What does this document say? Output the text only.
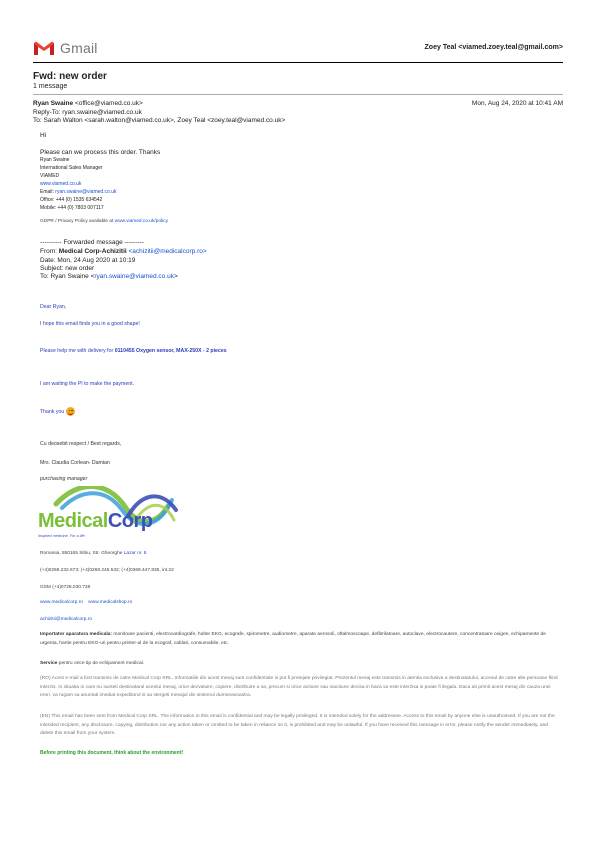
Gmail	Zoey Teal <viamed.zoey.teal@gmail.com>
Fwd: new order
1 message
Ryan Swaine <office@viamed.co.uk>	Mon, Aug 24, 2020 at 10:41 AM
Reply-To: ryan.swaine@viamed.co.uk
To: Sarah Walton <sarah.walton@viamed.co.uk>, Zoey Teal <zoey.teal@viamed.co.uk>
Hi
Please can we process this order. Thanks
Ryan Swaine
International Sales Manager
VIAMED
www.viamed.co.uk
Email: ryan.swaine@viamed.co.uk
Office: +44 (0) 1535 634542
Mobile: +44 (0) 7803 007117
GDPR / Privacy Policy available at www.viamed.co.uk/policy
---------- Forwarded message ---------
From: Medical Corp-Achizitii <achizitii@medicalcorp.ro>
Date: Mon, 24 Aug 2020 at 10:19
Subject: new order
To: Ryan Swaine <ryan.swaine@viamed.co.uk>
Dear Ryan,
I hope this email finds you in a good shape!
Please help me with delivery for 0110455 Oxygen sensor, MAX-250X - 2 pieces
I am waiting the PI to make the payment.
Thank you
Cu deosebit respect / Best regards,
Mrs. Claudia Corlean- Damian
purchasing manager
MedicalCorp
Inspired medicine. For a life
Romania, 550165 Sibiu, Str. Gheorghe Lazar nr. 8
(+4)0269.232.673; (+4)0269.245.532; (+4)0369.447.835, int.22
GSM (+4)0728.030.738
www.medicalcorp.ro www.medicalshop.ro
achizitii@medicalcorp.ro
Importator aparatura medicala: monitoare pacienti, electrocardiografe, holter EKG, ecografe, spirometre, audiometre, aparate aerosoli, oftalmoscoape, defibrilatoare, autoclave, electrocautere, concentratoare oxigen, echipamente de urgenta, hartie pentru EKG-uri pentru printer-ul de la ecograf, cablari, consumabile, etc.
Service pentru orice tip de echipament medical.
(RO) Acest e-mail a fost transmis de catre Medical Corp SRL. Informatiile din acest mesaj sunt confidentiale si pot fi protejate privilegiat. Prezentul mesaj este transmis in atentia exclusiva a destinatarului, accesul de catre alte persoane fiind interzis. In situatia in care nu sunteti destinatarul acestui mesaj, orice dezvaluire, copiere, distribuire a sa, precum si orice actiune sau inactiune decisa in baza sa este interzisa si poate fi ilegala. Daca ati primit acest mesaj din cauza unei erori, va rugam sa anuntati imediat expeditorul si sa stergeti mesajul din sistemul dumneavoastra.
(EN) This email has been sent from Medical Corp SRL. The information in this email is confidential and may be legally privileged. It is intended solely for the addressee. Access to this email by anyone else is unauthorised. If you are not the intended recipient, any disclosure, copying, distribution nor any action taken or omitted to be taken in reliance on it, is prohibited and may be unlawful. If you have received this message in error, please notify the sender immediately, and delete this email from your system.
Before printing this document, think about the environment!
